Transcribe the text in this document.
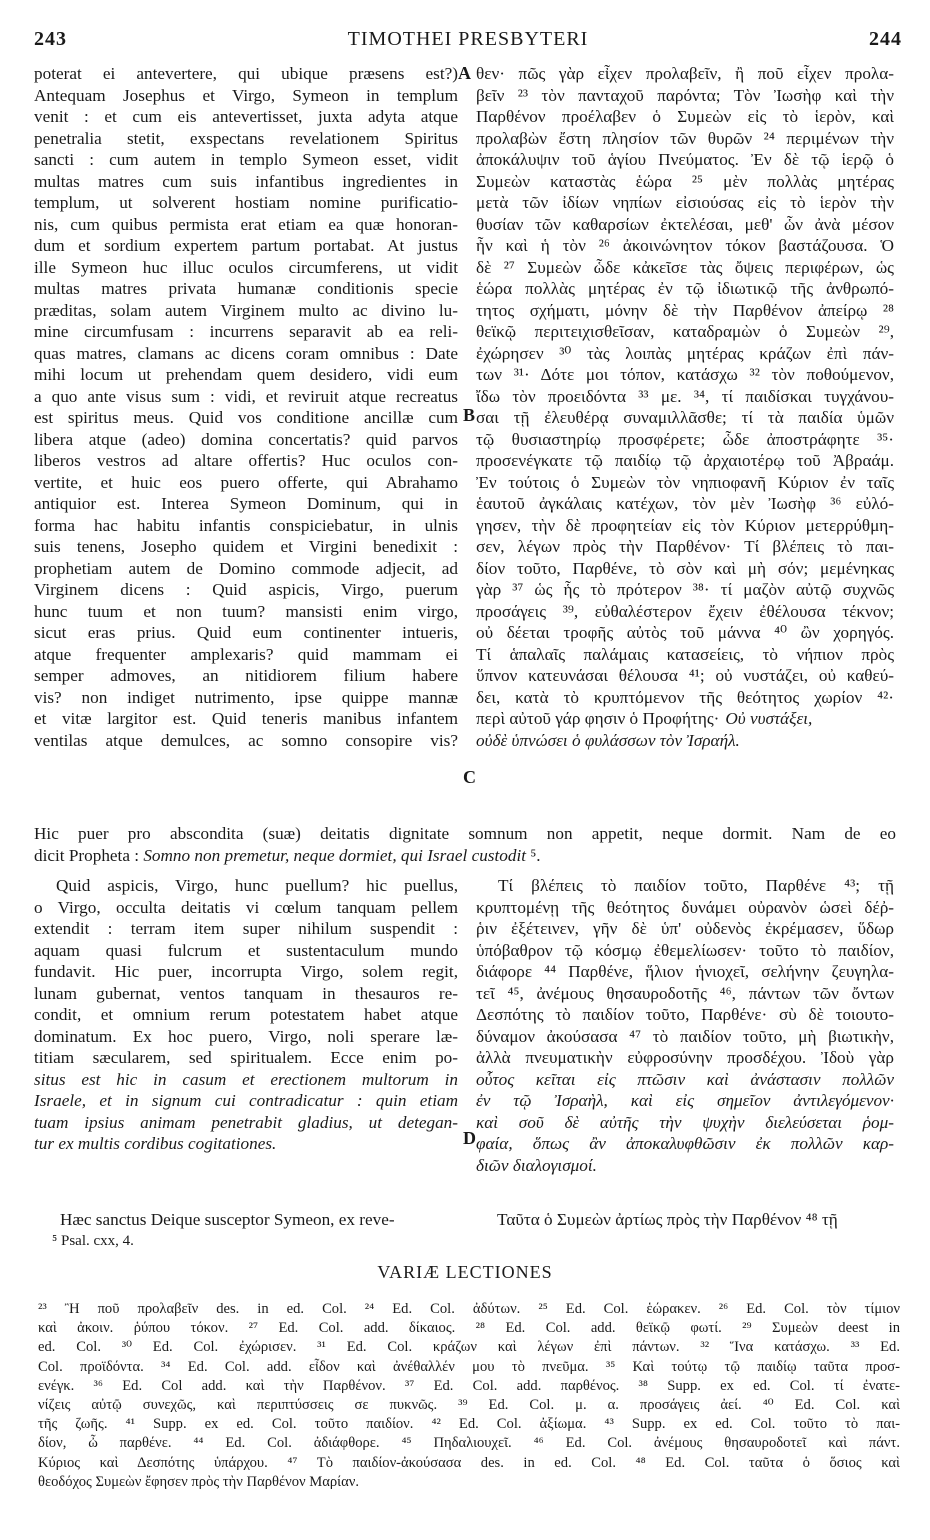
243	TIMOTHEI PRESBYTERI	244
poterat ei antevertere, qui ubique præsens est?)
Antequam Josephus et Virgo, Symeon in templum
venit : et cum eis antevertisset, juxta adyta atque
penetralia stetit, exspectans revelationem Spiritus
sancti : cum autem in templo Symeon esset, vidit
multas matres cum suis infantibus ingredientes in
templum, ut solverent hostiam nomine purificatio-
nis, cum quibus permista erat etiam ea quæ honoran-
dum et sordium expertem partum portabat. At justus
ille Symeon huc illuc oculos circumferens, ut vidit
multas matres privata humanæ conditionis specie
præditas, solam autem Virginem multo ac divino lu-
mine circumfusam : incurrens separavit ab ea reli-
quas matres, clamans ac dicens coram omnibus : Date
mihi locum ut prehendam quem desidero, vidi eum
a quo ante visus sum : vidi, et reviruit atque recreatus
est spiritus meus. Quid vos conditione ancillæ cum
libera atque (adeo) domina concertatis? quid parvos
liberos vestros ad altare offertis? Huc oculos con-
vertite, et huic eos puero offerte, qui Abrahamo
antiquior est. Interea Symeon Dominum, qui in
forma hac habitu infantis conspiciebatur, in ulnis
suis tenens, Josepho quidem et Virgini benedixit :
prophetiam autem de Domino commode adjecit, ad
Virginem dicens : Quid aspicis, Virgo, puerum
hunc tuum et non tuum? mansisti enim virgo,
sicut eras prius. Quid eum continenter intueris,
atque frequenter amplexaris? quid mammam ei
semper admoves, an nitidiorem filium habere
vis? non indiget nutrimento, ipse quippe mannæ
et vitæ largitor est. Quid teneris manibus infantem
ventilas atque demulces, ac somno consopire vis?
θεν· πῶς γὰρ εἶχεν προλαβεῖν, ἢ ποῦ εἶχεν προλα-
βεῖν ²³ τὸν πανταχοῦ παρόντα; Τὸν Ἰωσὴφ καὶ τὴν
Παρθένον προέλαβεν ὁ Συμεὼν εἰς τὸ ἱερὸν, καὶ
προλαβὼν ἔστη πλησίον τῶν θυρῶν ²⁴ περιμένων τὴν
ἀποκάλυψιν τοῦ ἁγίου Πνεύματος. Ἐν δὲ τῷ ἱερῷ ὁ
Συμεὼν καταστὰς ἑώρα ²⁵ μὲν πολλὰς μητέρας
μετὰ τῶν ἰδίων νηπίων εἰσιούσας εἰς τὸ ἱερὸν τὴν
θυσίαν τῶν καθαρσίων ἐκτελέσαι, μεθ' ὧν ἀνὰ μέσον
ἦν καὶ ἡ τὸν ²⁶ ἀκοινώνητον τόκον βαστάζουσα. Ὁ
δὲ ²⁷ Συμεὼν ὧδε κἀκεῖσε τὰς ὄψεις περιφέρων, ὡς
ἑώρα πολλὰς μητέρας ἐν τῷ ἰδιωτικῷ τῆς ἀνθρωπό-
τητος σχήματι, μόνην δὲ τὴν Παρθένον ἀπείρῳ ²⁸
θεϊκῷ περιτειχισθεῖσαν, καταδραμὼν ὁ Συμεὼν ²⁹,
ἐχώρησεν ³⁰ τὰς λοιπὰς μητέρας κράζων ἐπὶ πάν-
των ³¹· Δότε μοι τόπον, κατάσχω ³² τὸν ποθούμενον,
ἴδω τὸν προειδόντα ³³ με. ³⁴, τί παιδίσκαι τυγχάνου-
σαι τῇ ἐλευθέρᾳ συναμιλλᾶσθε; τί τὰ παιδία ὑμῶν
τῷ θυσιαστηρίῳ προσφέρετε; ὧδε ἀποστράφητε ³⁵·
προσενέγκατε τῷ παιδίῳ τῷ ἀρχαιοτέρῳ τοῦ Ἀβραάμ.
Ἐν τούτοις ὁ Συμεὼν τὸν νηπιοφανῆ Κύριον ἐν ταῖς
ἑαυτοῦ ἀγκάλαις κατέχων, τὸν μὲν Ἰωσὴφ ³⁶ εὐλό-
γησεν, τὴν δὲ προφητείαν εἰς τὸν Κύριον μετερρύθμη-
σεν, λέγων πρὸς τὴν Παρθένον· Τί βλέπεις τὸ παι-
δίον τοῦτο, Παρθένε, τὸ σὸν καὶ μὴ σόν; μεμένηκας
γὰρ ³⁷ ὡς ἧς τὸ πρότερον ³⁸· τί μαζὸν αὐτῷ συχνῶς
προσάγεις ³⁹, εὐθαλέστερον ἔχειν ἐθέλουσα τέκνον;
οὐ δέεται τροφῆς αὐτὸς τοῦ μάννα ⁴⁰ ὢν χορηγός.
Τί ἁπαλαῖς παλάμαις κατασείεις, τὸ νήπιον πρὸς
ὕπνον κατευνάσαι θέλουσα ⁴¹; οὐ νυστάζει, οὐ καθεύ-
δει, κατὰ τὸ κρυπτόμενον τῆς θεότητος χωρίον ⁴²·
περὶ αὐτοῦ γάρ φησιν ὁ Προφήτης· Οὐ νυστάξει,
οὐδὲ ὑπνώσει ὁ φυλάσσων τὸν Ἰσραήλ.
A
B
C
D
Hic puer pro abscondita (suæ) deitatis dignitate somnum non appetit, neque dormit. Nam de eo
dicit Propheta : Somno non premetur, neque dormiet, qui Israel custodit ⁵.
Quid aspicis, Virgo, hunc puellum? hic puellus,
o Virgo, occulta deitatis vi cœlum tanquam pellem
extendit : terram item super nihilum suspendit :
aquam quasi fulcrum et sustentaculum mundo
fundavit. Hic puer, incorrupta Virgo, solem regit,
lunam gubernat, ventos tanquam in thesauros re-
condit, et omnium rerum potestatem habet atque
dominatum. Ex hoc puero, Virgo, noli sperare læ-
titiam sæcularem, sed spiritualem. Ecce enim po-
situs est hic in casum et erectionem multorum in
Israele, et in signum cui contradicatur : quin etiam
tuam ipsius animam penetrabit gladius, ut detegan-
tur ex multis cordibus cogitationes.
Τί βλέπεις τὸ παιδίον τοῦτο, Παρθένε ⁴³; τῇ
κρυπτομένῃ τῆς θεότητος δυνάμει οὐρανὸν ὡσεὶ δέῤ-
ῥιν ἐξέτεινεν, γῆν δὲ ὑπ' οὐδενὸς ἐκρέμασεν, ὕδωρ
ὑπόβαθρον τῷ κόσμῳ ἐθεμελίωσεν· τοῦτο τὸ παιδίον,
διάφορε ⁴⁴ Παρθένε, ἥλιον ἡνιοχεῖ, σελήνην ζευγηλα-
τεῖ ⁴⁵, ἀνέμους θησαυροδοτῆς ⁴⁶, πάντων τῶν ὄντων
Δεσπότης τὸ παιδίον τοῦτο, Παρθένε· σὺ δὲ τοιουτο-
δύναμον ἀκούσασα ⁴⁷ τὸ παιδίον τοῦτο, μὴ βιωτικὴν,
ἀλλὰ πνευματικὴν εὐφροσύνην προσδέχου. Ἰδοὺ γὰρ
οὗτος κεῖται εἰς πτῶσιν καὶ ἀνάστασιν πολλῶν
ἐν τῷ Ἰσραὴλ, καὶ εἰς σημεῖον ἀντιλεγόμενον·
καὶ σοῦ δὲ αὐτῆς τὴν ψυχὴν διελεύσεται ῥομ-
φαία, ὅπως ἂν ἀποκαλυφθῶσιν ἐκ πολλῶν καρ-
διῶν διαλογισμοί.
Hæc sanctus Deique susceptor Symeon, ex reve-	Ταῦτα ὁ Συμεὼν ἀρτίως πρὸς τὴν Παρθένον ⁴⁸ τῇ
⁵ Psal. cxx, 4.
VARIÆ LECTIONES
²³ Ἢ ποῦ προλαβεῖν des. in ed. Col. ²⁴ Ed. Col. ἀδύτων. ²⁵ Ed. Col. ἑώρακεν. ²⁶ Ed. Col. τὸν τίμιον
καὶ ἀκοιν. ῥύπου τόκον. ²⁷ Ed. Col. add. δίκαιος. ²⁸ Ed. Col. add. θεϊκῷ φωτί. ²⁹ Συμεὼν deest in
ed. Col. ³⁰ Ed. Col. ἐχώρισεν. ³¹ Ed. Col. κράζων καὶ λέγων ἐπὶ πάντων. ³² Ἵνα κατάσχω. ³³ Ed.
Col. προϊδόντα. ³⁴ Ed. Col. add. εἶδον καὶ ἀνέθαλλέν μου τὸ πνεῦμα. ³⁵ Καὶ τούτῳ τῷ παιδίῳ ταῦτα προσ-
ενέγκ. ³⁶ Ed. Col add. καὶ τὴν Παρθένον. ³⁷ Ed. Col. add. παρθένος. ³⁸ Supp. ex ed. Col. τί ἐνατε-
νίζεις αὐτῷ συνεχῶς, καὶ περιπτύσσεις σε πυκνῶς. ³⁹ Ed. Col. μ. α. προσάγεις ἀεί. ⁴⁰ Ed. Col. καὶ
τῆς ζωῆς. ⁴¹ Supp. ex ed. Col. τοῦτο παιδίον. ⁴² Ed. Col. ἀξίωμα. ⁴³ Supp. ex ed. Col. τοῦτο τὸ παι-
δίον, ὦ παρθένε. ⁴⁴ Ed. Col. ἀδιάφθορε. ⁴⁵ Πηδαλιουχεῖ. ⁴⁶ Ed. Col. ἀνέμους θησαυροδοτεῖ καὶ πάντ.
Κύριος καὶ Δεσπότης ὑπάρχου. ⁴⁷ Τὸ παιδίον-ἀκούσασα des. in ed. Col. ⁴⁸ Ed. Col. ταῦτα ὁ ὅσιος καὶ
θεοδόχος Συμεὼν ἔφησεν πρὸς τὴν Παρθένον Μαρίαν.
